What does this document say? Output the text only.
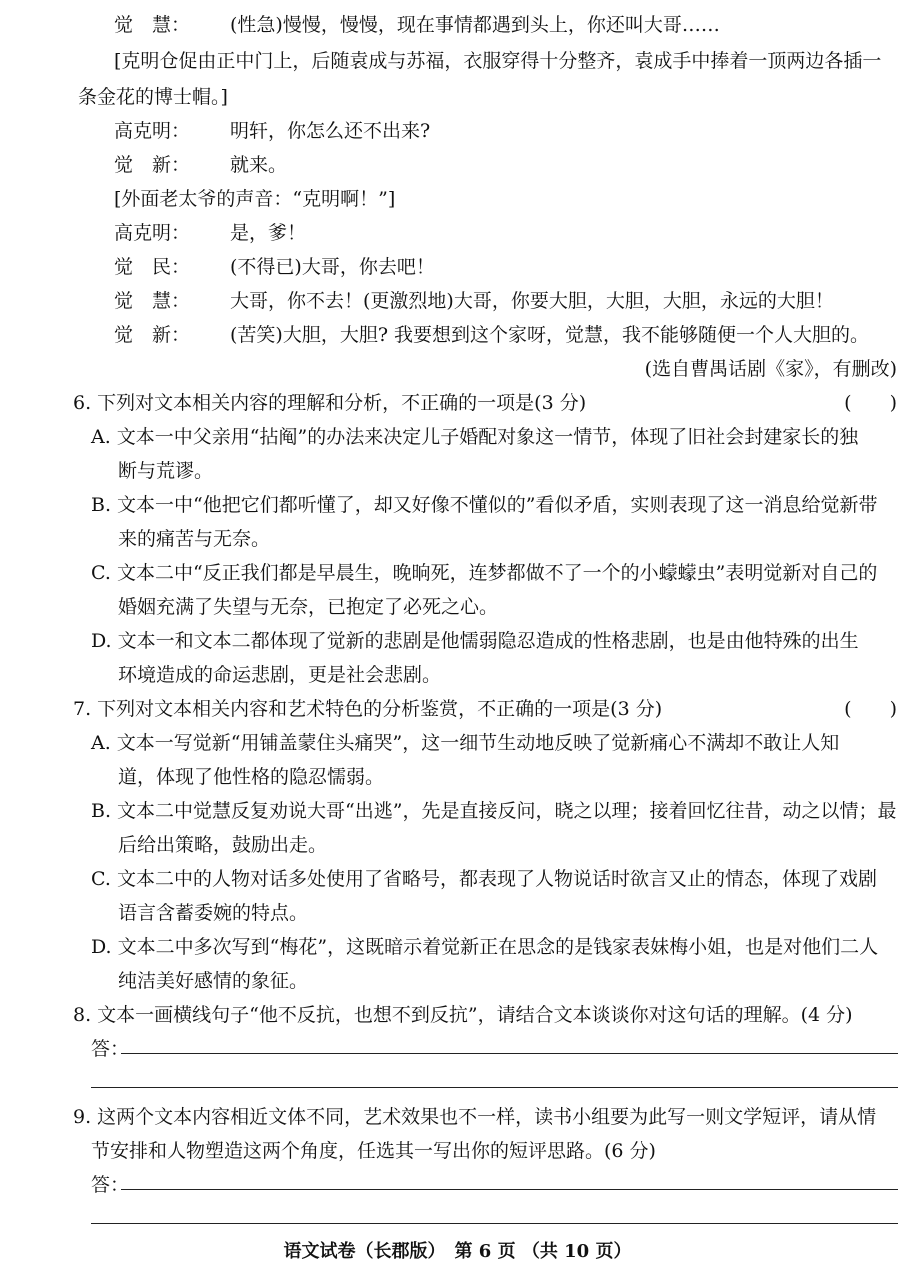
觉　慧： (性急)慢慢，慢慢，现在事情都遇到头上，你还叫大哥……
[克明仓促由正中门上，后随袁成与苏福，衣服穿得十分整齐，袁成手中捧着一顶两边各插一
条金花的博士帽。]
高克明： 明轩，你怎么还不出来?
觉　新： 就来。
[外面老太爷的声音：“克明啊！”]
高克明： 是，爹！
觉　民： (不得已)大哥，你去吧！
觉　慧： 大哥，你不去！(更激烈地)大哥，你要大胆，大胆，大胆，永远的大胆！
觉　新： (苦笑)大胆，大胆? 我要想到这个家呀，觉慧，我不能够随便一个人大胆的。
(选自曹禺话剧《家》，有删改)
6. 下列对文本相关内容的理解和分析，不正确的一项是(3 分)	(　　)
A. 文本一中父亲用“拈阄”的办法来决定儿子婚配对象这一情节，体现了旧社会封建家长的独
断与荒谬。
B. 文本一中“他把它们都听懂了，却又好像不懂似的”看似矛盾，实则表现了这一消息给觉新带
来的痛苦与无奈。
C. 文本二中“反正我们都是早晨生，晚晌死，连梦都做不了一个的小蠓蠓虫”表明觉新对自己的
婚姻充满了失望与无奈，已抱定了必死之心。
D. 文本一和文本二都体现了觉新的悲剧是他懦弱隐忍造成的性格悲剧，也是由他特殊的出生
环境造成的命运悲剧，更是社会悲剧。
7. 下列对文本相关内容和艺术特色的分析鉴赏，不正确的一项是(3 分)	(　　)
A. 文本一写觉新“用铺盖蒙住头痛哭”，这一细节生动地反映了觉新痛心不满却不敢让人知
道，体现了他性格的隐忍懦弱。
B. 文本二中觉慧反复劝说大哥“出逃”，先是直接反问，晓之以理；接着回忆往昔，动之以情；最
后给出策略，鼓励出走。
C. 文本二中的人物对话多处使用了省略号，都表现了人物说话时欲言又止的情态，体现了戏剧
语言含蓄委婉的特点。
D. 文本二中多次写到“梅花”，这既暗示着觉新正在思念的是钱家表妹梅小姐，也是对他们二人
纯洁美好感情的象征。
8. 文本一画横线句子“他不反抗，也想不到反抗”，请结合文本谈谈你对这句话的理解。(4 分)
答：
9. 这两个文本内容相近文体不同，艺术效果也不一样，读书小组要为此写一则文学短评，请从情
节安排和人物塑造这两个角度，任选其一写出你的短评思路。(6 分)
答：
语文试卷（长郡版）　第 6 页 （共 10 页）
